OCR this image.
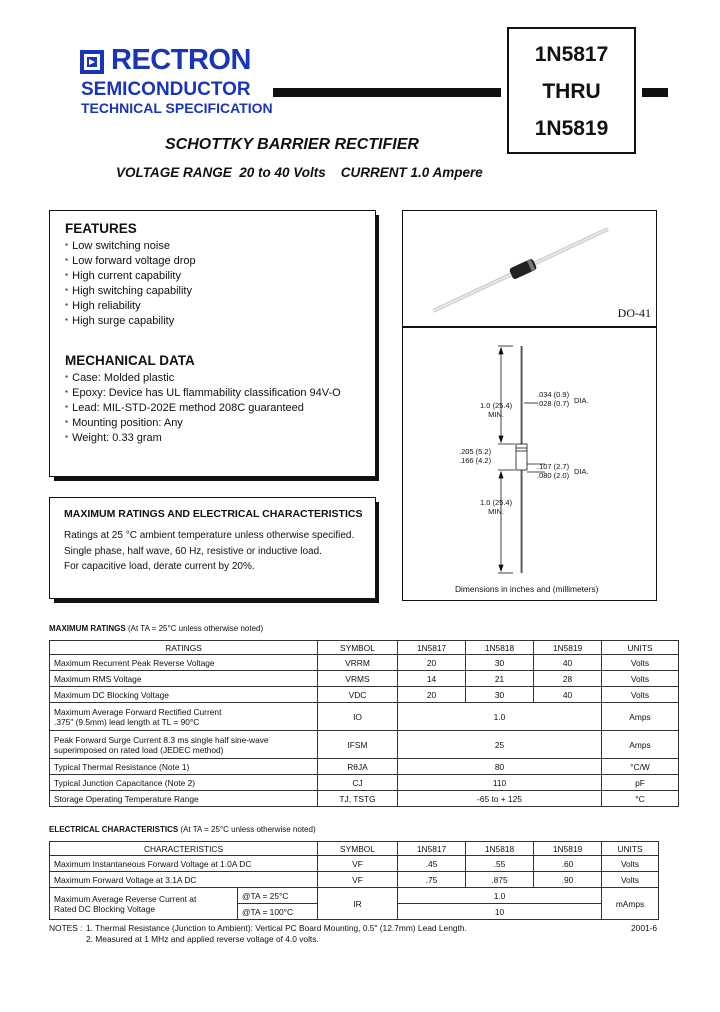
RECTRON
SEMICONDUCTOR
TECHNICAL SPECIFICATION
1N5817
THRU
1N5819
SCHOTTKY BARRIER RECTIFIER
VOLTAGE RANGE  20 to 40 Volts    CURRENT 1.0 Ampere
FEATURES
* Low switching noise
* Low forward voltage drop
* High current capability
* High switching capability
* High reliability
* High surge capability
MECHANICAL DATA
* Case: Molded plastic
* Epoxy: Device has UL flammability classification 94V-O
* Lead: MIL-STD-202E method 208C guaranteed
* Mounting position: Any
* Weight: 0.33 gram
MAXIMUM RATINGS AND ELECTRICAL CHARACTERISTICS

Ratings at 25 °C ambient temperature unless otherwise specified.

Single phase, half wave, 60 Hz, resistive or inductive load.

For capacitive load, derate current by 20%.

DO-41
.034 (0.9)
.028 (0.7) DIA.
1.0 (25.4)
MIN.
.205 (5.2)
.166 (4.2)
.107 (2.7)
.080 (2.0) DIA.
1.0 (25.4)
MIN.
Dimensions in inches and (millimeters)
MAXIMUM RATINGS (At TA = 25°C unless otherwise noted)
RATINGS	SYMBOL	1N5817	1N5818	1N5819	UNITS
Maximum Recurrent Peak Reverse Voltage	VRRM	20	30	40	Volts
Maximum RMS Voltage	VRMS	14	21	28	Volts
Maximum DC Blocking Voltage	VDC	20	30	40	Volts
Maximum Average Forward Rectified Current
.375" (9.5mm) lead length at TL = 90°C	IO	1.0			Amps
Peak Forward Surge Current 8.3 ms single half sine-wave
superimposed on rated load (JEDEC method)	IFSM	25			Amps
Typical Thermal Resistance (Note 1)	RθJA	80			°C/W
Typical Junction Capacitance (Note 2)	CJ	110			pF
Storage Operating Temperature Range	TJ, TSTG	-65 to + 125			°C
ELECTRICAL CHARACTERISTICS (At TA = 25°C unless otherwise noted)
CHARACTERISTICS		SYMBOL	1N5817	1N5818	1N5819	UNITS
Maximum Instantaneous Forward Voltage at 1.0A DC		VF	.45	.55	.60	Volts
Maximum Forward Voltage at 3.1A DC		VF	.75	.875	.90	Volts
Maximum Average Reverse Current at
Rated DC Blocking Voltage	@TA = 25°C	IR	1.0			mAmps
	@TA = 100°C		10			
NOTES : 1. Thermal Resistance (Junction to Ambient): Vertical PC Board Mounting, 0.5" (12.7mm) Lead Length.
2. Measured at 1 MHz and applied reverse voltage of 4.0 volts.
2001-6
